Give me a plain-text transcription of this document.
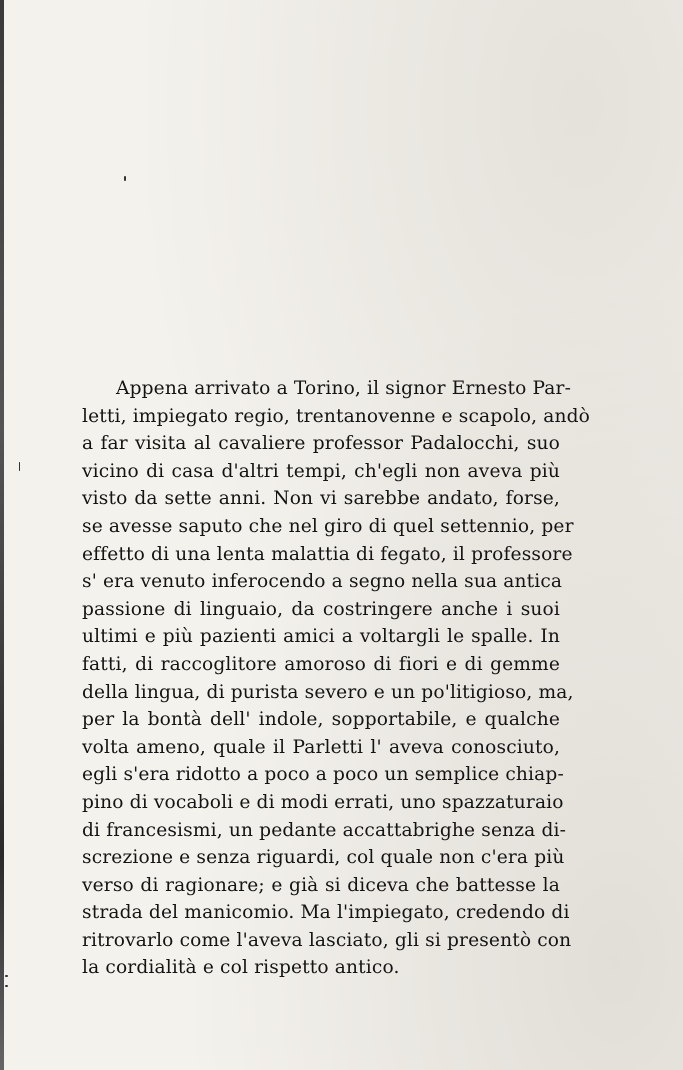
Appena arrivato a Torino, il signor Ernesto Par-
letti, impiegato regio, trentanovenne e scapolo, andò
a far visita al cavaliere professor Padalocchi, suo
vicino di casa d'altri tempi, ch'egli non aveva più
visto da sette anni. Non vi sarebbe andato, forse,
se avesse saputo che nel giro di quel settennio, per
effetto di una lenta malattia di fegato, il professore
s' era venuto inferocendo a segno nella sua antica
passione di linguaio, da costringere anche i suoi
ultimi e più pazienti amici a voltargli le spalle. In
fatti, di raccoglitore amoroso di fiori e di gemme
della lingua, di purista severo e un po'litigioso, ma,
per la bontà dell' indole, sopportabile, e qualche
volta ameno, quale il Parletti l' aveva conosciuto,
egli s'era ridotto a poco a poco un semplice chiap-
pino di vocaboli e di modi errati, uno spazzaturaio
di francesismi, un pedante accattabrighe senza di-
screzione e senza riguardi, col quale non c'era più
verso di ragionare; e già si diceva che battesse la
strada del manicomio. Ma l'impiegato, credendo di
ritrovarlo come l'aveva lasciato, gli si presentò con
la cordialità e col rispetto antico.
